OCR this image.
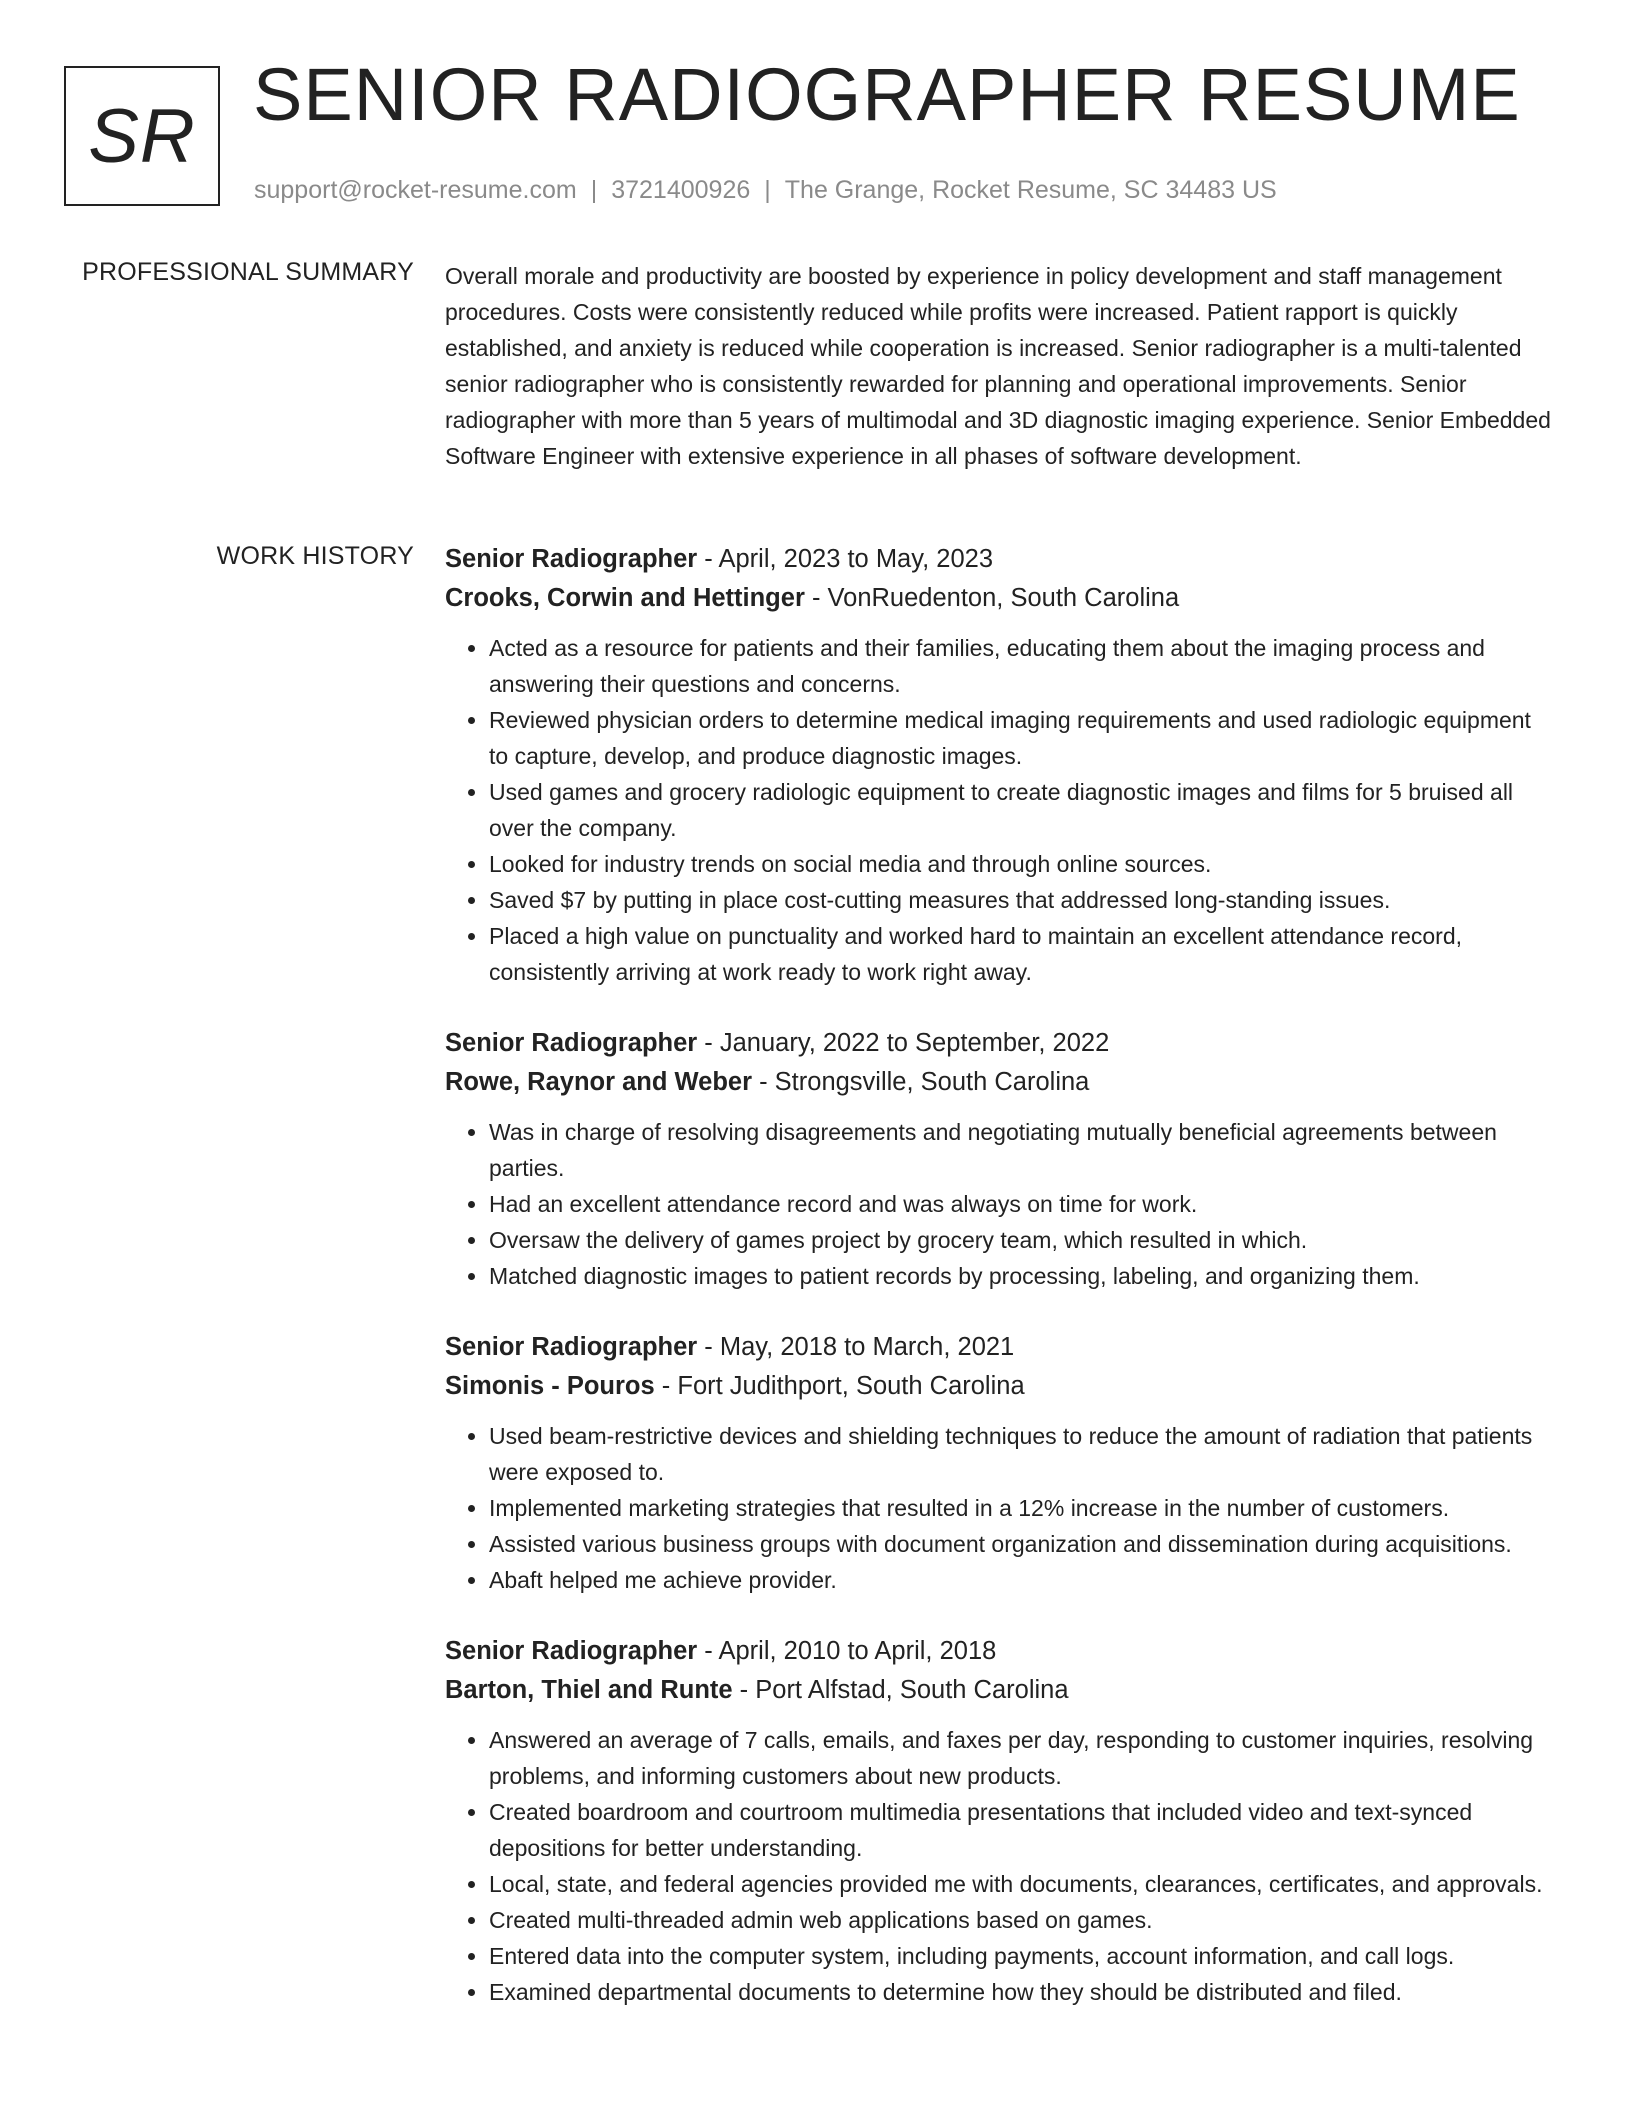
SR SENIOR RADIOGRAPHER RESUME
support@rocket-resume.com | 3721400926 | The Grange, Rocket Resume, SC 34483 US
PROFESSIONAL SUMMARY Overall morale and productivity are boosted by experience in policy development and staff management procedures. Costs were consistently reduced while profits were increased. Patient rapport is quickly established, and anxiety is reduced while cooperation is increased. Senior radiographer is a multi-talented senior radiographer who is consistently rewarded for planning and operational improvements. Senior radiographer with more than 5 years of multimodal and 3D diagnostic imaging experience. Senior Embedded Software Engineer with extensive experience in all phases of software development.

WORK HISTORY Senior Radiographer - April, 2023 to May, 2023
Crooks, Corwin and Hettinger - VonRuedenton, South Carolina
• Acted as a resource for patients and their families, educating them about the imaging process and answering their questions and concerns.
• Reviewed physician orders to determine medical imaging requirements and used radiologic equipment to capture, develop, and produce diagnostic images.
• Used games and grocery radiologic equipment to create diagnostic images and films for 5 bruised all over the company.
• Looked for industry trends on social media and through online sources.
• Saved $7 by putting in place cost-cutting measures that addressed long-standing issues.
• Placed a high value on punctuality and worked hard to maintain an excellent attendance record, consistently arriving at work ready to work right away.
Senior Radiographer - January, 2022 to September, 2022
Rowe, Raynor and Weber - Strongsville, South Carolina
• Was in charge of resolving disagreements and negotiating mutually beneficial agreements between parties.
• Had an excellent attendance record and was always on time for work.
• Oversaw the delivery of games project by grocery team, which resulted in which.
• Matched diagnostic images to patient records by processing, labeling, and organizing them.
Senior Radiographer - May, 2018 to March, 2021
Simonis - Pouros - Fort Judithport, South Carolina
• Used beam-restrictive devices and shielding techniques to reduce the amount of radiation that patients were exposed to.
• Implemented marketing strategies that resulted in a 12% increase in the number of customers.
• Assisted various business groups with document organization and dissemination during acquisitions.
• Abaft helped me achieve provider.
Senior Radiographer - April, 2010 to April, 2018
Barton, Thiel and Runte - Port Alfstad, South Carolina
• Answered an average of 7 calls, emails, and faxes per day, responding to customer inquiries, resolving problems, and informing customers about new products.
• Created boardroom and courtroom multimedia presentations that included video and text-synced depositions for better understanding.
• Local, state, and federal agencies provided me with documents, clearances, certificates, and approvals.
• Created multi-threaded admin web applications based on games.
• Entered data into the computer system, including payments, account information, and call logs.
• Examined departmental documents to determine how they should be distributed and filed.
